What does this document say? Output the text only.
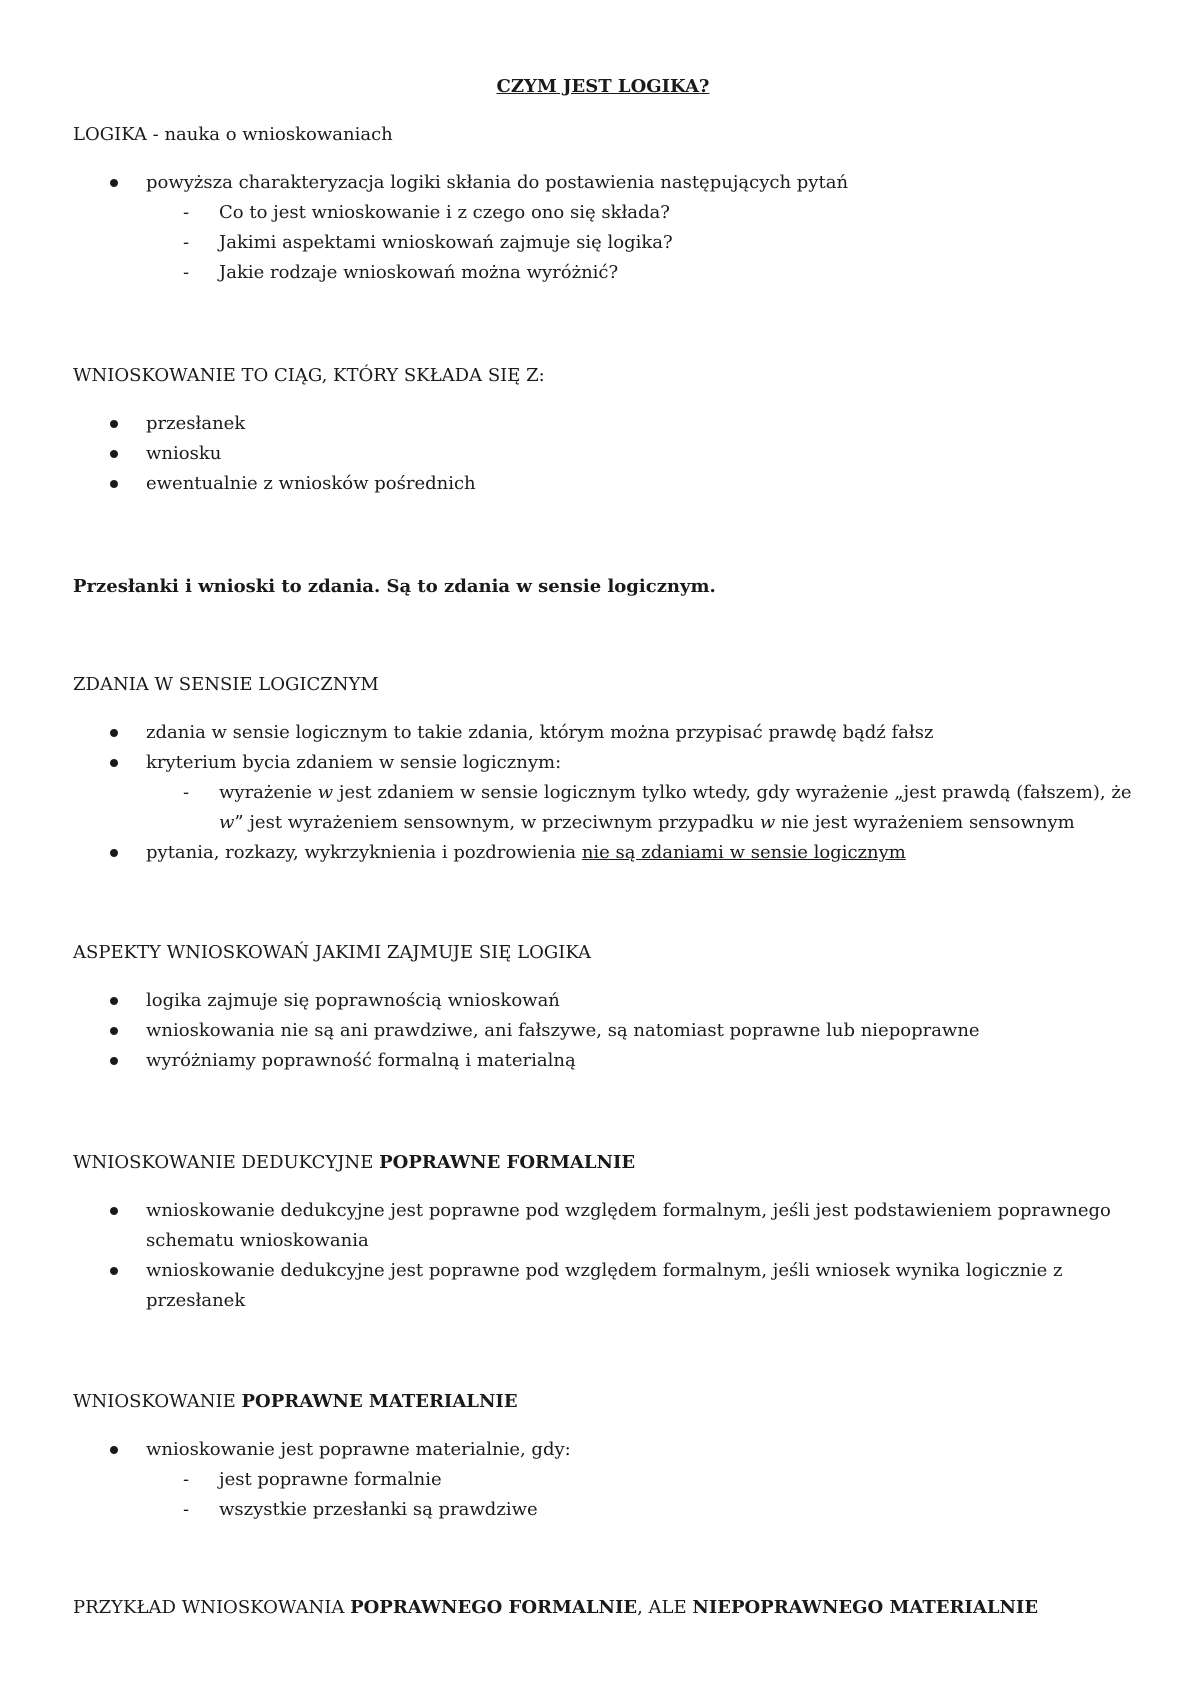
CZYM JEST LOGIKA?

LOGIKA - nauka o wnioskowaniach

powyższa charakteryzacja logiki skłania do postawienia następujących pytań
- Co to jest wnioskowanie i z czego ono się składa?
- Jakimi aspektami wnioskowań zajmuje się logika?
- Jakie rodzaje wnioskowań można wyróżnić?

WNIOSKOWANIE TO CIĄG, KTÓRY SKŁADA SIĘ Z:

przesłanek
wniosku
ewentualnie z wniosków pośrednich

Przesłanki i wnioski to zdania. Są to zdania w sensie logicznym.

ZDANIA W SENSIE LOGICZNYM

zdania w sensie logicznym to takie zdania, którym można przypisać prawdę bądź fałsz
kryterium bycia zdaniem w sensie logicznym:
- wyrażenie w jest zdaniem w sensie logicznym tylko wtedy, gdy wyrażenie „jest prawdą (fałszem), że w” jest wyrażeniem sensownym, w przeciwnym przypadku w nie jest wyrażeniem sensownym
pytania, rozkazy, wykrzyknienia i pozdrowienia nie są zdaniami w sensie logicznym

ASPEKTY WNIOSKOWAŃ JAKIMI ZAJMUJE SIĘ LOGIKA

logika zajmuje się poprawnością wnioskowań
wnioskowania nie są ani prawdziwe, ani fałszywe, są natomiast poprawne lub niepoprawne
wyróżniamy poprawność formalną i materialną

WNIOSKOWANIE DEDUKCYJNE POPRAWNE FORMALNIE

wnioskowanie dedukcyjne jest poprawne pod względem formalnym, jeśli jest podstawieniem poprawnego schematu wnioskowania
wnioskowanie dedukcyjne jest poprawne pod względem formalnym, jeśli wniosek wynika logicznie z przesłanek

WNIOSKOWANIE POPRAWNE MATERIALNIE

wnioskowanie jest poprawne materialnie, gdy:
- jest poprawne formalnie
- wszystkie przesłanki są prawdziwe

PRZYKŁAD WNIOSKOWANIA POPRAWNEGO FORMALNIE, ALE NIEPOPRAWNEGO MATERIALNIE
